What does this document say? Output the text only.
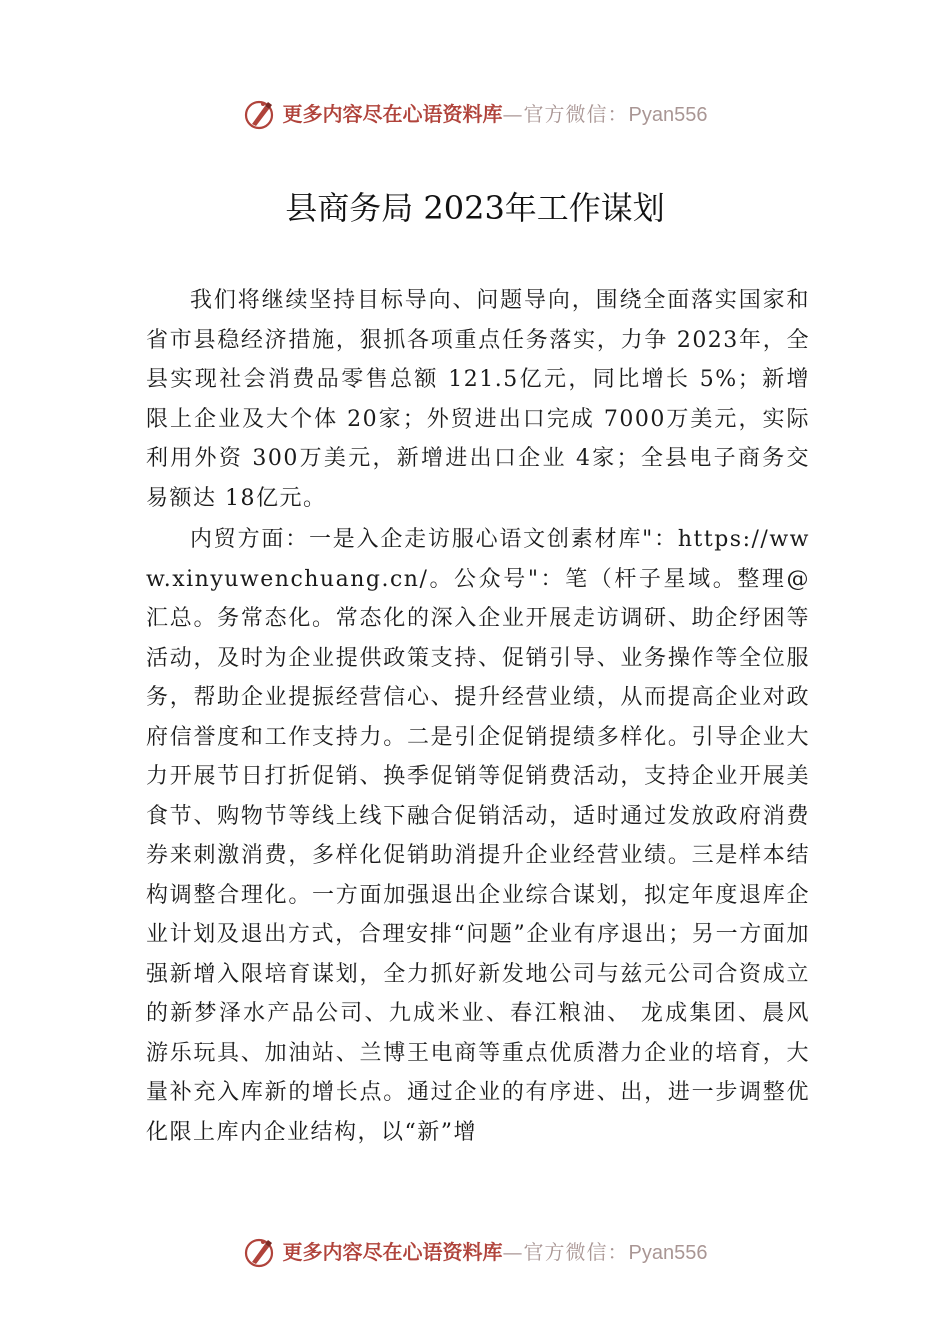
更多内容尽在心语资料库—官方微信：Pyan556
县商务局 2023年工作谋划

我们将继续坚持目标导向、问题导向，围绕全面落实国家和省市县稳经济措施，狠抓各项重点任务落实，力争 2023年，全县实现社会消费品零售总额 121.5亿元，同比增长 5%；新增限上企业及大个体 20家；外贸进出口完成 7000万美元，实际利用外资 300万美元，新增进出口企业 4家；全县电子商务交易额达 18亿元。

内贸方面：一是入企走访服心语文创素材库"：https://www.xinyuwenchuang.cn/。公众号"：笔（杆子星域。整理@汇总。务常态化。常态化的深入企业开展走访调研、助企纾困等活动，及时为企业提供政策支持、促销引导、业务操作等全位服务，帮助企业提振经营信心、提升经营业绩，从而提高企业对政府信誉度和工作支持力。二是引企促销提绩多样化。引导企业大力开展节日打折促销、换季促销等促销费活动，支持企业开展美食节、购物节等线上线下融合促销活动，适时通过发放政府消费券来刺激消费，多样化促销助消提升企业经营业绩。三是样本结构调整合理化。一方面加强退出企业综合谋划，拟定年度退库企业计划及退出方式，合理安排“问题”企业有序退出；另一方面加强新增入限培育谋划，全力抓好新发地公司与兹元公司合资成立的新梦泽水产品公司、九成米业、春江粮油、 龙成集团、晨风游乐玩具、加油站、兰博王电商等重点优质潜力企业的培育，大量补充入库新的增长点。通过企业的有序进、出，进一步调整优化限上库内企业结构，以“新”增

更多内容尽在心语资料库—官方微信：Pyan556
